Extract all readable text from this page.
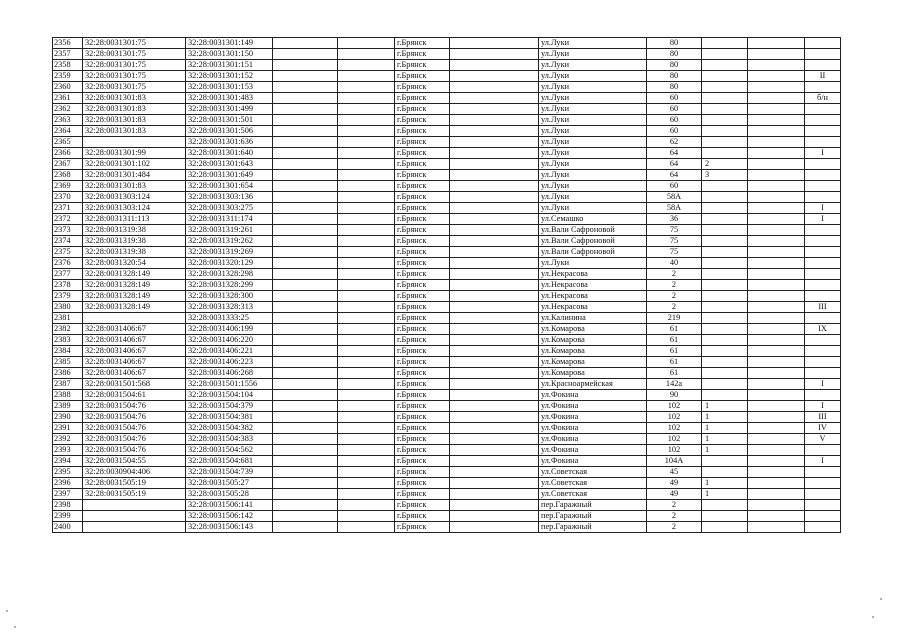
2356	32:28:0031301:75	32:28:0031301:149			г.Брянск		ул.Луки	80			
2357	32:28:0031301:75	32:28:0031301:150			г.Брянск		ул.Луки	80			
2358	32:28:0031301:75	32:28:0031301:151			г.Брянск		ул.Луки	80			
2359	32:28:0031301:75	32:28:0031301:152			г.Брянск		ул.Луки	80			II
2360	32:28:0031301:75	32:28:0031301:153			г.Брянск		ул.Луки	80			
2361	32:28:0031301:83	32:28:0031301:483			г.Брянск		ул.Луки	60			б/н
2362	32:28:0031301:83	32:28:0031301:499			г.Брянск		ул.Луки	60			
2363	32:28:0031301:83	32:28:0031301:501			г.Брянск		ул.Луки	60			
2364	32:28:0031301:83	32:28:0031301:506			г.Брянск		ул.Луки	60			
2365		32:28:0031301:636			г.Брянск		ул.Луки	62			
2366	32:28:0031301:99	32:28:0031301:640			г.Брянск		ул.Луки	64			I
2367	32:28:0031301:102	32:28:0031301:643			г.Брянск		ул.Луки	64	2		
2368	32:28:0031301:484	32:28:0031301:649			г.Брянск		ул.Луки	64	3		
2369	32:28:0031301:83	32:28:0031301:654			г.Брянск		ул.Луки	60			
2370	32:28:0031303:124	32:28:0031303:136			г.Брянск		ул.Луки	58А			
2371	32:28:0031303:124	32:28:0031303:275			г.Брянск		ул.Луки	58А			I
2372	32:28:0031311:113	32:28:0031311:174			г.Брянск		ул.Семашко	36			I
2373	32:28:0031319:38	32:28:0031319:261			г.Брянск		ул.Вали Сафроновой	75			
2374	32:28:0031319:38	32:28:0031319:262			г.Брянск		ул.Вали Сафроновой	75			
2375	32:28:0031319:38	32:28:0031319:269			г.Брянск		ул.Вали Сафроновой	75			
2376	32:28:0031320:54	32:28:0031320:129			г.Брянск		ул.Луки	40			
2377	32:28:0031328:149	32:28:0031328:298			г.Брянск		ул.Некрасова	2			
2378	32:28:0031328:149	32:28:0031328:299			г.Брянск		ул.Некрасова	2			
2379	32:28:0031328:149	32:28:0031328:300			г.Брянск		ул.Некрасова	2			
2380	32:28:0031328:149	32:28:0031328:313			г.Брянск		ул.Некрасова	2			III
2381		32:28:0031333:25			г.Брянск		ул.Калинина	219			
2382	32:28:0031406:67	32:28:0031406:199			г.Брянск		ул.Комарова	61			IX
2383	32:28:0031406:67	32:28:0031406:220			г.Брянск		ул.Комарова	61			
2384	32:28:0031406:67	32:28:0031406:221			г.Брянск		ул.Комарова	61			
2385	32:28:0031406:67	32:28:0031406:223			г.Брянск		ул.Комарова	61			
2386	32:28:0031406:67	32:28:0031406:268			г.Брянск		ул.Комарова	61			
2387	32:28:0031501:568	32:28:0031501:1556			г.Брянск		ул.Красноармейская	142а			I
2388	32:28:0031504:61	32:28:0031504:104			г.Брянск		ул.Фокина	90			
2389	32:28:0031504:76	32:28:0031504:379			г.Брянск		ул.Фокина	102	1		I
2390	32:28:0031504:76	32:28:0031504:381			г.Брянск		ул.Фокина	102	1		III
2391	32:28:0031504:76	32:28:0031504:382			г.Брянск		ул.Фокина	102	1		IV
2392	32:28:0031504:76	32:28:0031504:383			г.Брянск		ул.Фокина	102	1		V
2393	32:28:0031504:76	32:28:0031504:562			г.Брянск		ул.Фокина	102	1		
2394	32:28:0031504:55	32:28:0031504:681			г.Брянск		ул.Фокина	104А			I
2395	32:28:0030904:406	32:28:0031504:739			г.Брянск		ул.Советская	45			
2396	32:28:0031505:19	32:28:0031505:27			г.Брянск		ул.Советская	49	1		
2397	32:28:0031505:19	32:28:0031505:28			г.Брянск		ул.Советская	49	1		
2398		32:28:0031506:141			г.Брянск		пер.Гаражный	2			
2399		32:28:0031506:142			г.Брянск		пер.Гаражный	2			
2400		32:28:0031506:143			г.Брянск		пер.Гаражный	2			
